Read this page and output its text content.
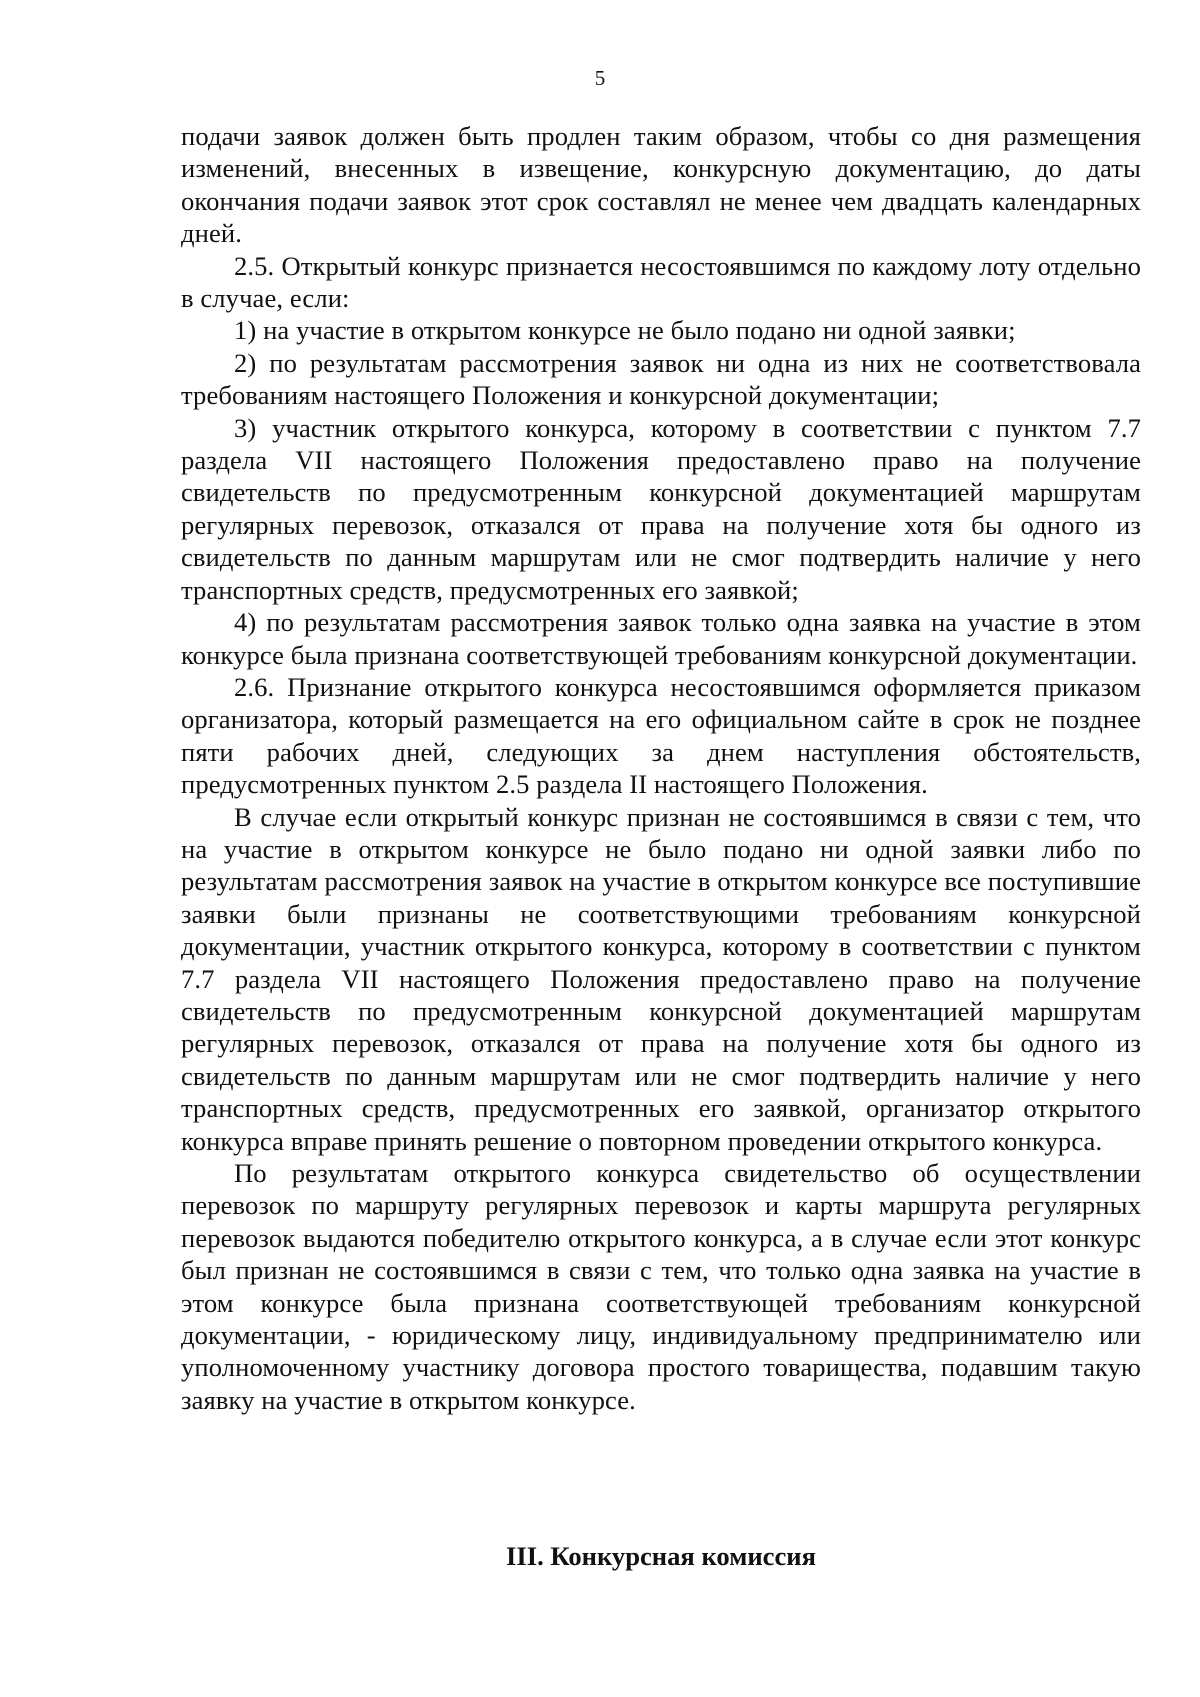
5

подачи заявок должен быть продлен таким образом, чтобы со дня размещения изменений, внесенных в извещение, конкурсную документацию, до даты окончания подачи заявок этот срок составлял не менее чем двадцать календарных дней.

2.5. Открытый конкурс признается несостоявшимся по каждому лоту отдельно в случае, если:

1) на участие в открытом конкурсе не было подано ни одной заявки;

2) по результатам рассмотрения заявок ни одна из них не соответствовала требованиям настоящего Положения и конкурсной документации;

3) участник открытого конкурса, которому в соответствии с пунктом 7.7 раздела VII настоящего Положения предоставлено право на получение свидетельств по предусмотренным конкурсной документацией маршрутам регулярных перевозок, отказался от права на получение хотя бы одного из свидетельств по данным маршрутам или не смог подтвердить наличие у него транспортных средств, предусмотренных его заявкой;

4) по результатам рассмотрения заявок только одна заявка на участие в этом конкурсе была признана соответствующей требованиям конкурсной документации.

2.6. Признание открытого конкурса несостоявшимся оформляется приказом организатора, который размещается на его официальном сайте в срок не позднее пяти рабочих дней, следующих за днем наступления обстоятельств, предусмотренных пунктом 2.5 раздела II настоящего Положения.

В случае если открытый конкурс признан не состоявшимся в связи с тем, что на участие в открытом конкурсе не было подано ни одной заявки либо по результатам рассмотрения заявок на участие в открытом конкурсе все поступившие заявки были признаны не соответствующими требованиям конкурсной документации, участник открытого конкурса, которому в соответствии с пунктом 7.7 раздела VII настоящего Положения предоставлено право на получение свидетельств по предусмотренным конкурсной документацией маршрутам регулярных перевозок, отказался от права на получение хотя бы одного из свидетельств по данным маршрутам или не смог подтвердить наличие у него транспортных средств, предусмотренных его заявкой, организатор открытого конкурса вправе принять решение о повторном проведении открытого конкурса.

По результатам открытого конкурса свидетельство об осуществлении перевозок по маршруту регулярных перевозок и карты маршрута регулярных перевозок выдаются победителю открытого конкурса, а в случае если этот конкурс был признан не состоявшимся в связи с тем, что только одна заявка на участие в этом конкурсе была признана соответствующей требованиям конкурсной документации, - юридическому лицу, индивидуальному предпринимателю или уполномоченному участнику договора простого товарищества, подавшим такую заявку на участие в открытом конкурсе.

III. Конкурсная комиссия
